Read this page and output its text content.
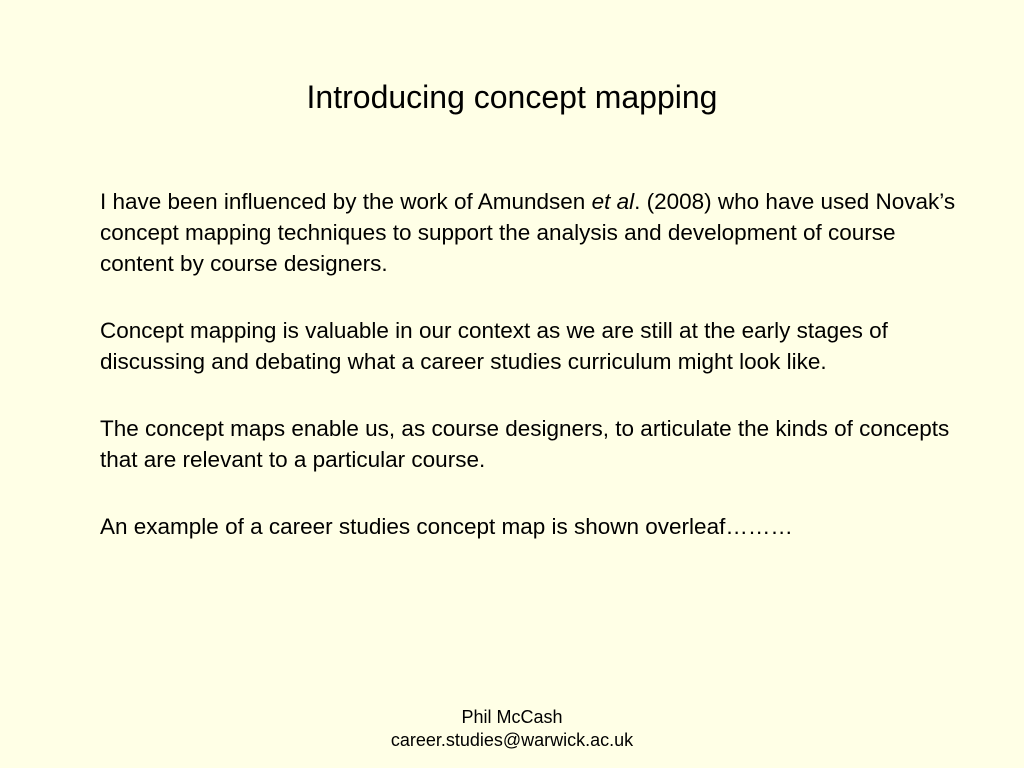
Introducing concept mapping

I have been influenced by the work of Amundsen et al. (2008) who have used Novak’s concept mapping techniques to support the analysis and development of course content by course designers.

Concept mapping is valuable in our context as we are still at the early stages of discussing and debating what a career studies curriculum might look like.

The concept maps enable us, as course designers, to articulate the kinds of concepts that are relevant to a particular course.

An example of a career studies concept map is shown overleaf………

Phil McCash
career.studies@warwick.ac.uk
